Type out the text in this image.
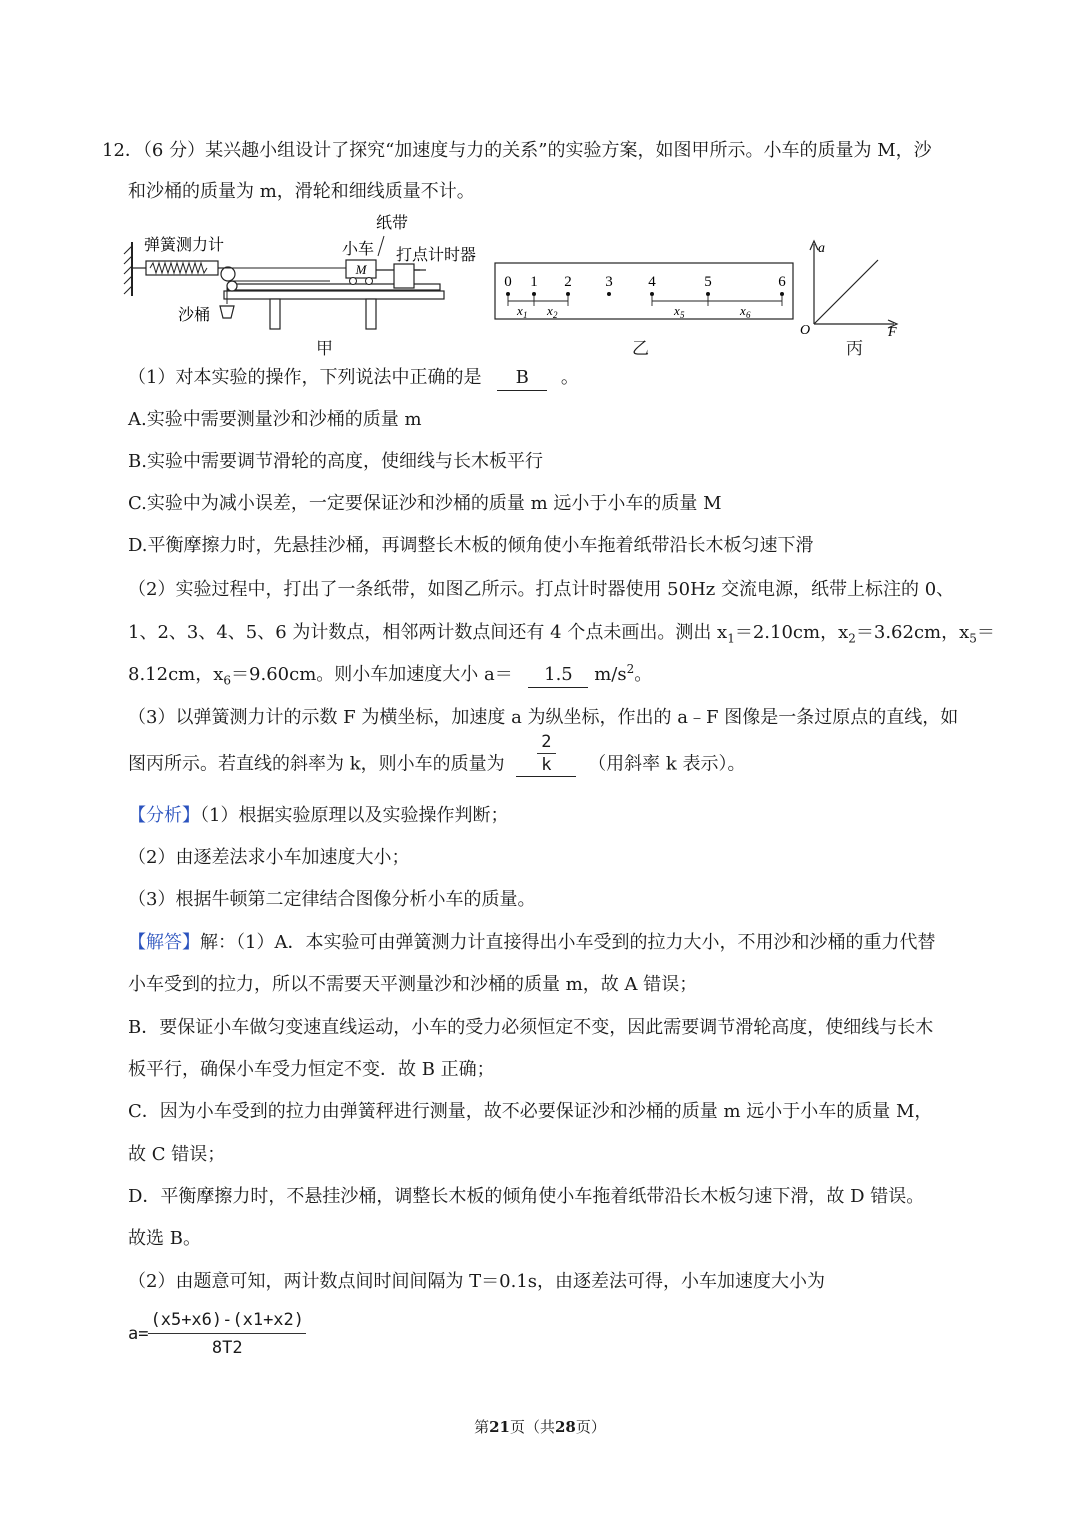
12．（6 分）某兴趣小组设计了探究“加速度与力的关系”的实验方案，如图甲所示。小车的质量为 M，沙
和沙桶的质量为 m，滑轮和细线质量不计。
M
弹簧测力计	小车
纸带
打点计时器
沙桶
甲
0 1 2 3 4	5	6
x 1 x 2	x 5	x 6
乙
a
F
O
丙
（1）对本实验的操作，下列说法中正确的是 B 。
A.实验中需要测量沙和沙桶的质量 m
B.实验中需要调节滑轮的高度，使细线与长木板平行
C.实验中为减小误差，一定要保证沙和沙桶的质量 m 远小于小车的质量 M
D.平衡摩擦力时，先悬挂沙桶，再调整长木板的倾角使小车拖着纸带沿长木板匀速下滑
（2）实验过程中，打出了一条纸带，如图乙所示。打点计时器使用 50Hz 交流电源，纸带上标注的 0、
1、2、3、4、5、6 为计数点，相邻两计数点间还有 4 个点未画出。测出 $x_1=2.10cm$，$x_2=3.62cm$，$x_5=$
8.12cm，$x_6=9.60cm$。则小车加速度大小 a＝ 1.5 $m/s^2$。
（3）以弹簧测力计的示数 F 为横坐标，加速度 a 为纵坐标，作出的 a﹣F 图像是一条过原点的直线，如
图丙所示。若直线的斜率为 k，则小车的质量为 $\frac{2}{k}$ （用斜率 k 表示）。
【分析】（1）根据实验原理以及实验操作判断；
（2）由逐差法求小车加速度大小；
（3）根据牛顿第二定律结合图像分析小车的质量。
【解答】解：（1）A．本实验可由弹簧测力计直接得出小车受到的拉力大小，不用沙和沙桶的重力代替
小车受到的拉力，所以不需要天平测量沙和沙桶的质量 m，故 A 错误；
B．要保证小车做匀变速直线运动，小车的受力必须恒定不变，因此需要调节滑轮高度，使细线与长木
板平行，确保小车受力恒定不变．故 B 正确；
C．因为小车受到的拉力由弹簧秤进行测量，故不必要保证沙和沙桶的质量 m 远小于小车的质量 M，
故 C 错误；
D．平衡摩擦力时，不悬挂沙桶，调整长木板的倾角使小车拖着纸带沿长木板匀速下滑，故 D 错误。
故选 B。
（2）由题意可知，两计数点间时间间隔为 T＝0.1s，由逐差法可得，小车加速度大小为
$a= \frac{(x5+x6)-(x1+x2)}{8T2}$
第21页（共28页）
